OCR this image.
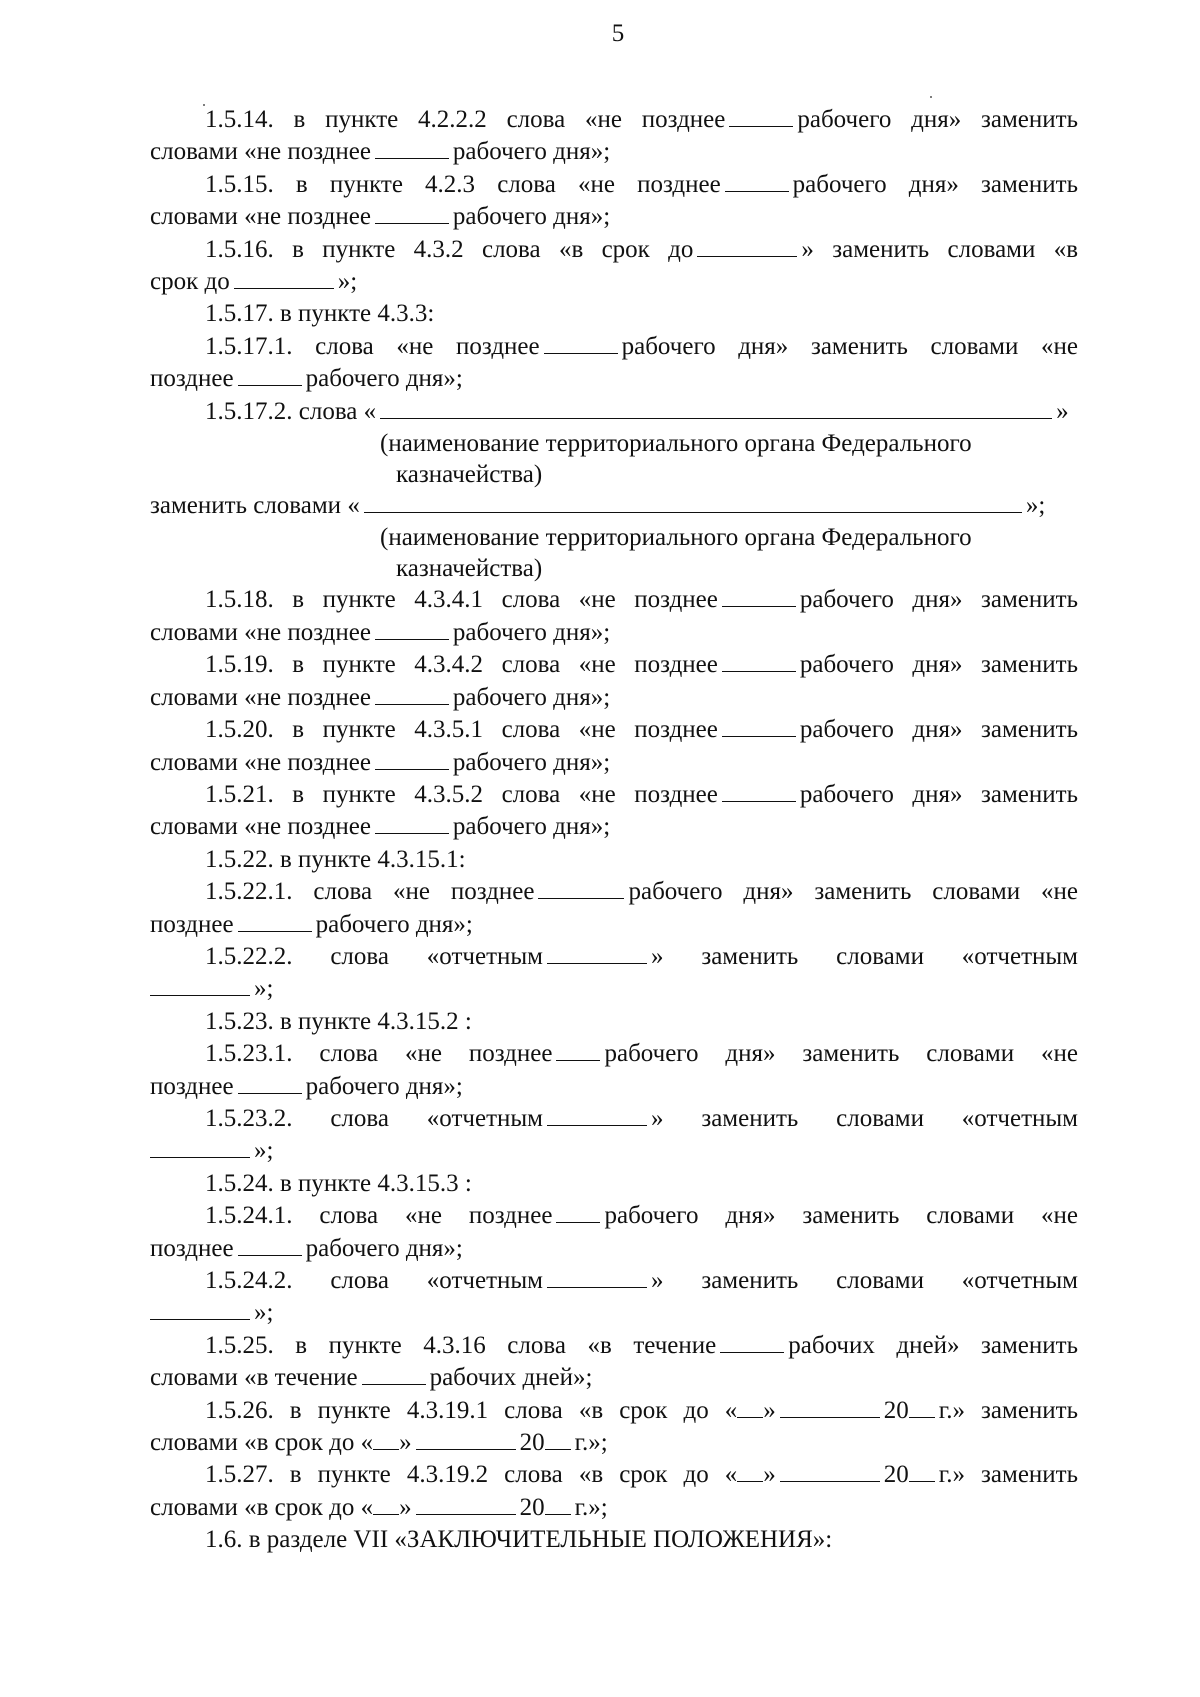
5

1.5.14. в пункте 4.2.2.2 слова «не позднее	рабочего дня» заменить

словами «не позднее	рабочего дня»;

1.5.15. в пункте 4.2.3 слова «не позднее	рабочего дня» заменить

словами «не позднее	рабочего дня»;

1.5.16. в пункте 4.3.2 слова «в срок до	» заменить словами «в

срок до	»;

1.5.17. в пункте 4.3.3:

1.5.17.1. слова «не позднее	рабочего дня» заменить словами «не

позднее	рабочего дня»;

1.5.17.2. слова «	»

(наименование территориального органа Федерального
казначейства)

заменить словами «	»;

(наименование территориального органа Федерального
казначейства)

1.5.18. в пункте 4.3.4.1 слова «не позднее	рабочего дня» заменить

словами «не позднее	рабочего дня»;

1.5.19. в пункте 4.3.4.2 слова «не позднее	рабочего дня» заменить

словами «не позднее	рабочего дня»;

1.5.20. в пункте 4.3.5.1 слова «не позднее	рабочего дня» заменить

словами «не позднее	рабочего дня»;

1.5.21. в пункте 4.3.5.2 слова «не позднее	рабочего дня» заменить

словами «не позднее	рабочего дня»;

1.5.22. в пункте 4.3.15.1:

1.5.22.1. слова «не позднее	рабочего дня» заменить словами «не

позднее	рабочего дня»;

1.5.22.2. слова «отчетным	» заменить словами «отчетным

»;

1.5.23. в пункте 4.3.15.2 :

1.5.23.1. слова «не позднее рабочего дня» заменить словами «не

позднее	рабочего дня»;

1.5.23.2. слова «отчетным	» заменить словами «отчетным

»;

1.5.24. в пункте 4.3.15.3 :

1.5.24.1. слова «не позднее рабочего дня» заменить словами «не

позднее	рабочего дня»;

1.5.24.2. слова «отчетным	» заменить словами «отчетным

»;

1.5.25. в пункте 4.3.16 слова «в течение	рабочих дней» заменить

словами «в течение	рабочих дней»;

1.5.26. в пункте 4.3.19.1 слова «в срок до « »	20 г.» заменить

словами «в срок до « »	20 г.»;

1.5.27. в пункте 4.3.19.2 слова «в срок до « »	20 г.» заменить

словами «в срок до « »	20 г.»;

1.6. в разделе VII «ЗАКЛЮЧИТЕЛЬНЫЕ ПОЛОЖЕНИЯ»:
